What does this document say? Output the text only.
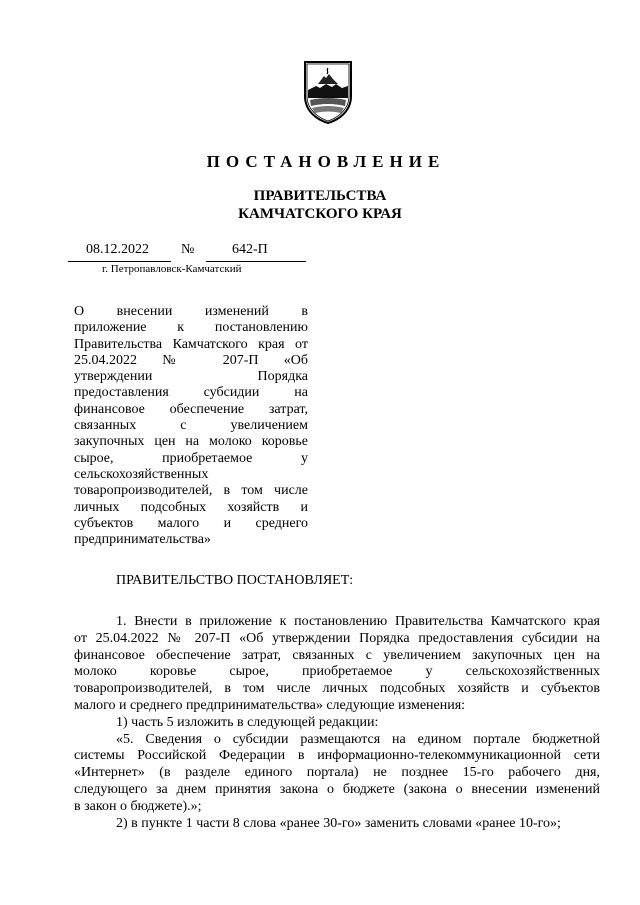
ПОСТАНОВЛЕНИЕ
ПРАВИТЕЛЬСТВА
КАМЧАТСКОГО КРАЯ
08.12.2022 №	642-П
г. Петропавловск-Камчатский
О внесении изменений в
приложение к постановлению
Правительства Камчатского края от
25.04.2022 № 207-П «Об
утверждении Порядка
предоставления субсидии на
финансовое обеспечение затрат,
связанных с увеличением
закупочных цен на молоко коровье
сырое, приобретаемое у
сельскохозяйственных
товаропроизводителей, в том числе
личных подсобных хозяйств и
субъектов малого и среднего
предпринимательства»
ПРАВИТЕЛЬСТВО ПОСТАНОВЛЯЕТ:
1. Внести в приложение к постановлению Правительства Камчатского края
от 25.04.2022 № 207-П «Об утверждении Порядка предоставления субсидии на
финансовое обеспечение затрат, связанных с увеличением закупочных цен на
молоко коровье сырое, приобретаемое у сельскохозяйственных
товаропроизводителей, в том числе личных подсобных хозяйств и субъектов
малого и среднего предпринимательства» следующие изменения:
1) часть 5 изложить в следующей редакции:
«5. Сведения о субсидии размещаются на едином портале бюджетной
системы Российской Федерации в информационно-телекоммуникационной сети
«Интернет» (в разделе единого портала) не позднее 15-го рабочего дня,
следующего за днем принятия закона о бюджете (закона о внесении изменений
в закон о бюджете).»;
2) в пункте 1 части 8 слова «ранее 30-го» заменить словами «ранее 10-го»;
